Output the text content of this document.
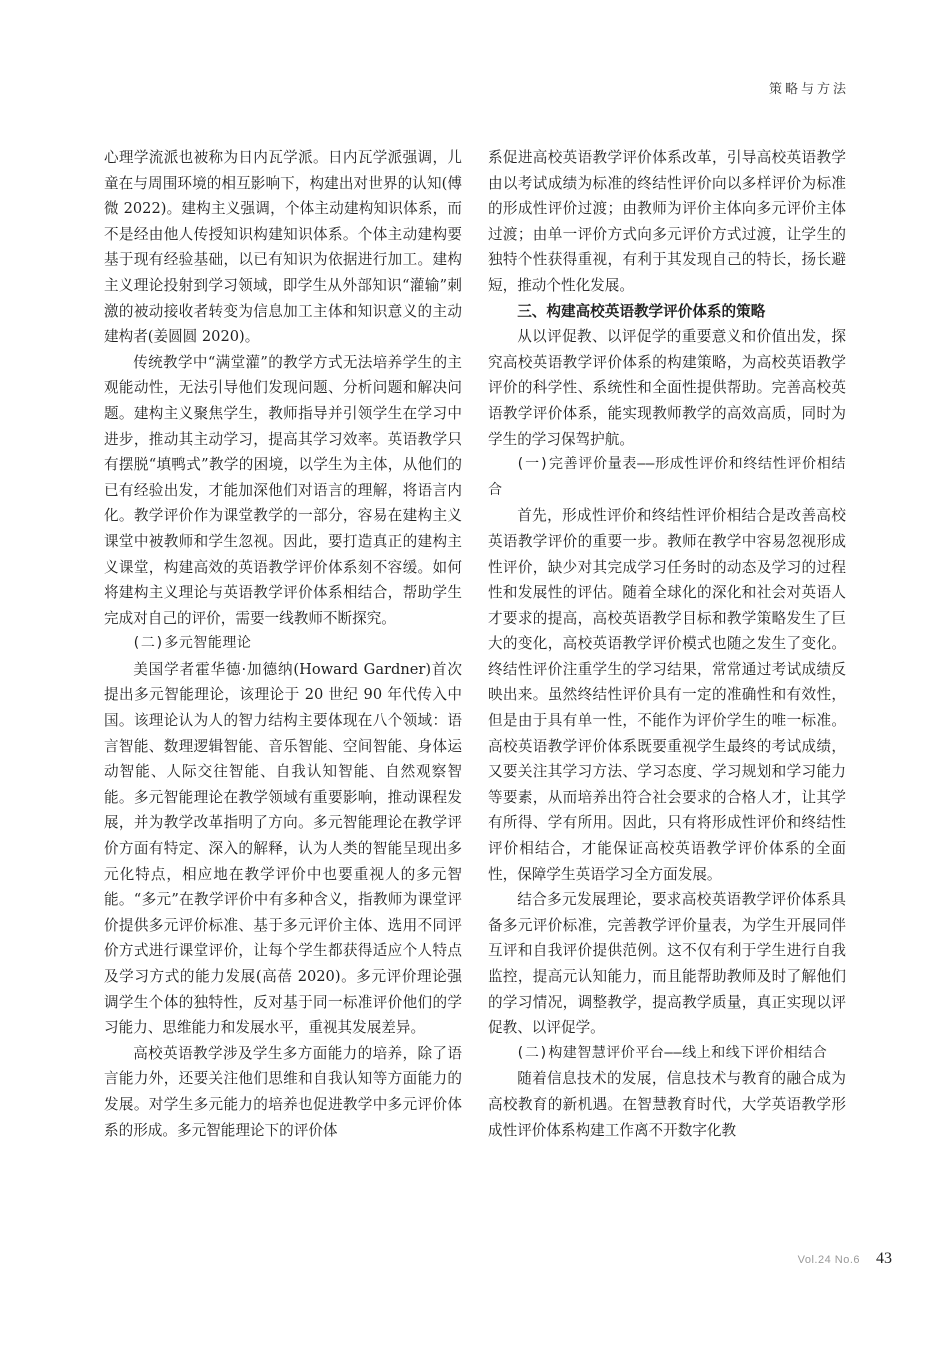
策略与方法

心理学流派也被称为日内瓦学派。日内瓦学派强调，儿童在与周围环境的相互影响下，构建出对世界的认知(傅微 2022)。建构主义强调，个体主动建构知识体系，而不是经由他人传授知识构建知识体系。个体主动建构要基于现有经验基础，以已有知识为依据进行加工。建构主义理论投射到学习领域，即学生从外部知识“灌输”刺激的被动接收者转变为信息加工主体和知识意义的主动建构者(姜圆圆 2020)。

传统教学中“满堂灌”的教学方式无法培养学生的主观能动性，无法引导他们发现问题、分析问题和解决问题。建构主义聚焦学生，教师指导并引领学生在学习中进步，推动其主动学习，提高其学习效率。英语教学只有摆脱“填鸭式”教学的困境，以学生为主体，从他们的已有经验出发，才能加深他们对语言的理解，将语言内化。教学评价作为课堂教学的一部分，容易在建构主义课堂中被教师和学生忽视。因此，要打造真正的建构主义课堂，构建高效的英语教学评价体系刻不容缓。如何将建构主义理论与英语教学评价体系相结合，帮助学生完成对自己的评价，需要一线教师不断探究。

(二)多元智能理论

美国学者霍华德·加德纳(Howard Gardner)首次提出多元智能理论，该理论于 20 世纪 90 年代传入中国。该理论认为人的智力结构主要体现在八个领域：语言智能、数理逻辑智能、音乐智能、空间智能、身体运动智能、人际交往智能、自我认知智能、自然观察智能。多元智能理论在教学领域有重要影响，推动课程发展，并为教学改革指明了方向。多元智能理论在教学评价方面有特定、深入的解释，认为人类的智能呈现出多元化特点，相应地在教学评价中也要重视人的多元智能。“多元”在教学评价中有多种含义，指教师为课堂评价提供多元评价标准、基于多元评价主体、选用不同评价方式进行课堂评价，让每个学生都获得适应个人特点及学习方式的能力发展(高蓓 2020)。多元评价理论强调学生个体的独特性，反对基于同一标准评价他们的学习能力、思维能力和发展水平，重视其发展差异。

高校英语教学涉及学生多方面能力的培养，除了语言能力外，还要关注他们思维和自我认知等方面能力的发展。对学生多元能力的培养也促进教学中多元评价体系的形成。多元智能理论下的评价体

系促进高校英语教学评价体系改革，引导高校英语教学由以考试成绩为标准的终结性评价向以多样评价为标准的形成性评价过渡；由教师为评价主体向多元评价主体过渡；由单一评价方式向多元评价方式过渡，让学生的独特个性获得重视，有利于其发现自己的特长，扬长避短，推动个性化发展。

三、构建高校英语教学评价体系的策略

从以评促教、以评促学的重要意义和价值出发，探究高校英语教学评价体系的构建策略，为高校英语教学评价的科学性、系统性和全面性提供帮助。完善高校英语教学评价体系，能实现教师教学的高效高质，同时为学生的学习保驾护航。

(一)完善评价量表——形成性评价和终结性评价相结合

首先，形成性评价和终结性评价相结合是改善高校英语教学评价的重要一步。教师在教学中容易忽视形成性评价，缺少对其完成学习任务时的动态及学习的过程性和发展性的评估。随着全球化的深化和社会对英语人才要求的提高，高校英语教学目标和教学策略发生了巨大的变化，高校英语教学评价模式也随之发生了变化。终结性评价注重学生的学习结果，常常通过考试成绩反映出来。虽然终结性评价具有一定的准确性和有效性，但是由于具有单一性，不能作为评价学生的唯一标准。高校英语教学评价体系既要重视学生最终的考试成绩，又要关注其学习方法、学习态度、学习规划和学习能力等要素，从而培养出符合社会要求的合格人才，让其学有所得、学有所用。因此，只有将形成性评价和终结性评价相结合，才能保证高校英语教学评价体系的全面性，保障学生英语学习全方面发展。

结合多元发展理论，要求高校英语教学评价体系具备多元评价标准，完善教学评价量表，为学生开展同伴互评和自我评价提供范例。这不仅有利于学生进行自我监控，提高元认知能力，而且能帮助教师及时了解他们的学习情况，调整教学，提高教学质量，真正实现以评促教、以评促学。

(二)构建智慧评价平台——线上和线下评价相结合

随着信息技术的发展，信息技术与教育的融合成为高校教育的新机遇。在智慧教育时代，大学英语教学形成性评价体系构建工作离不开数字化教

Vol.24 No.6 43
